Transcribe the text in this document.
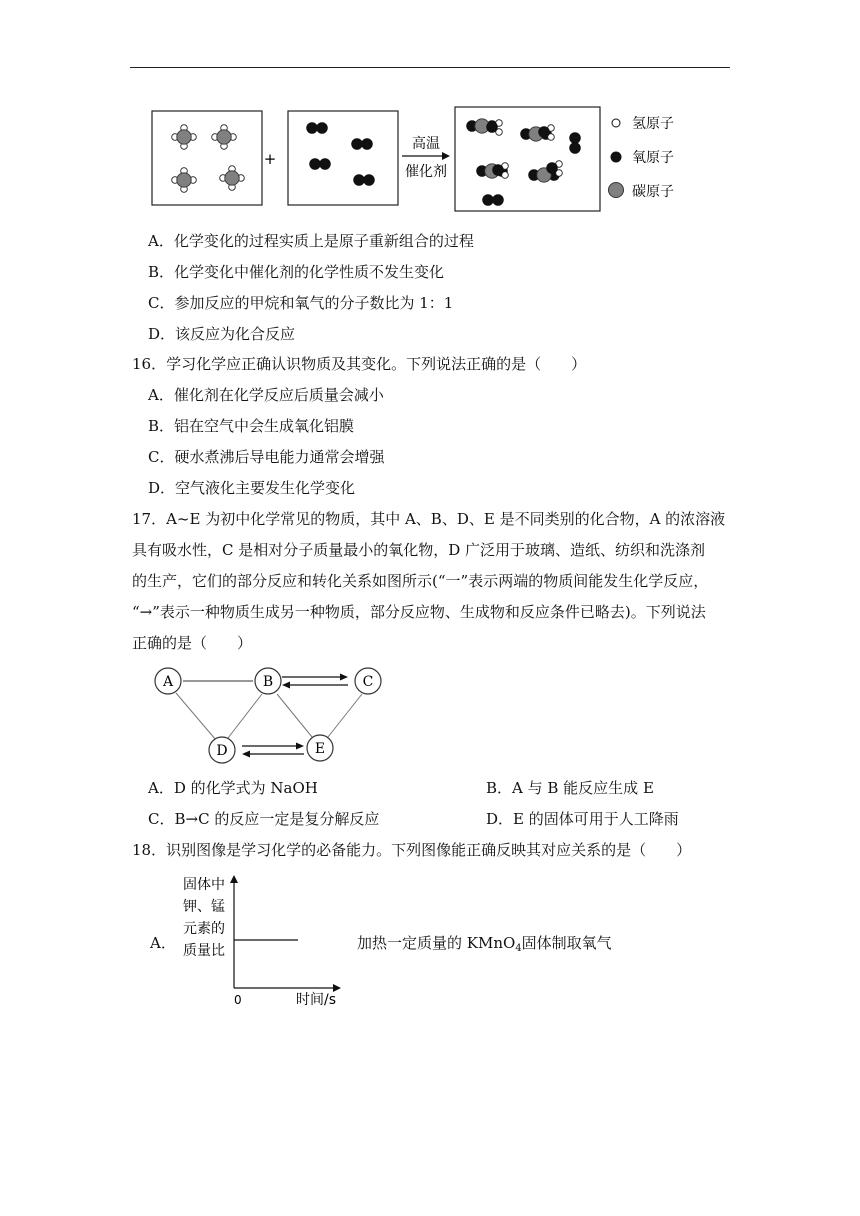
+
高温
催化剂
氢原子
氧原子
碳原子
A．化学变化的过程实质上是原子重新组合的过程
B．化学变化中催化剂的化学性质不发生变化
C．参加反应的甲烷和氧气的分子数比为 1：1
D．该反应为化合反应
16．学习化学应正确认识物质及其变化。下列说法正确的是（　　）
A．催化剂在化学反应后质量会减小
B．铝在空气中会生成氧化铝膜
C．硬水煮沸后导电能力通常会增强
D．空气液化主要发生化学变化
17．A~E 为初中化学常见的物质，其中 A、B、D、E 是不同类别的化合物，A 的浓溶液
具有吸水性，C 是相对分子质量最小的氧化物，D 广泛用于玻璃、造纸、纺织和洗涤剂
的生产，它们的部分反应和转化关系如图所示(“一”表示两端的物质间能发生化学反应，
“→”表示一种物质生成另一种物质，部分反应物、生成物和反应条件已略去)。下列说法
正确的是（　　）
A	B	C
D	E
A．D 的化学式为 NaOH	B．A 与 B 能反应生成 E
C．B→C 的反应一定是复分解反应	D．E 的固体可用于人工降雨
18．识别图像是学习化学的必备能力。下列图像能正确反映其对应关系的是（　　）
A．
固体中
钾、锰
元素的
质量比
0	时间/s
加热一定质量的 KMnO$_4$固体制取氧气
